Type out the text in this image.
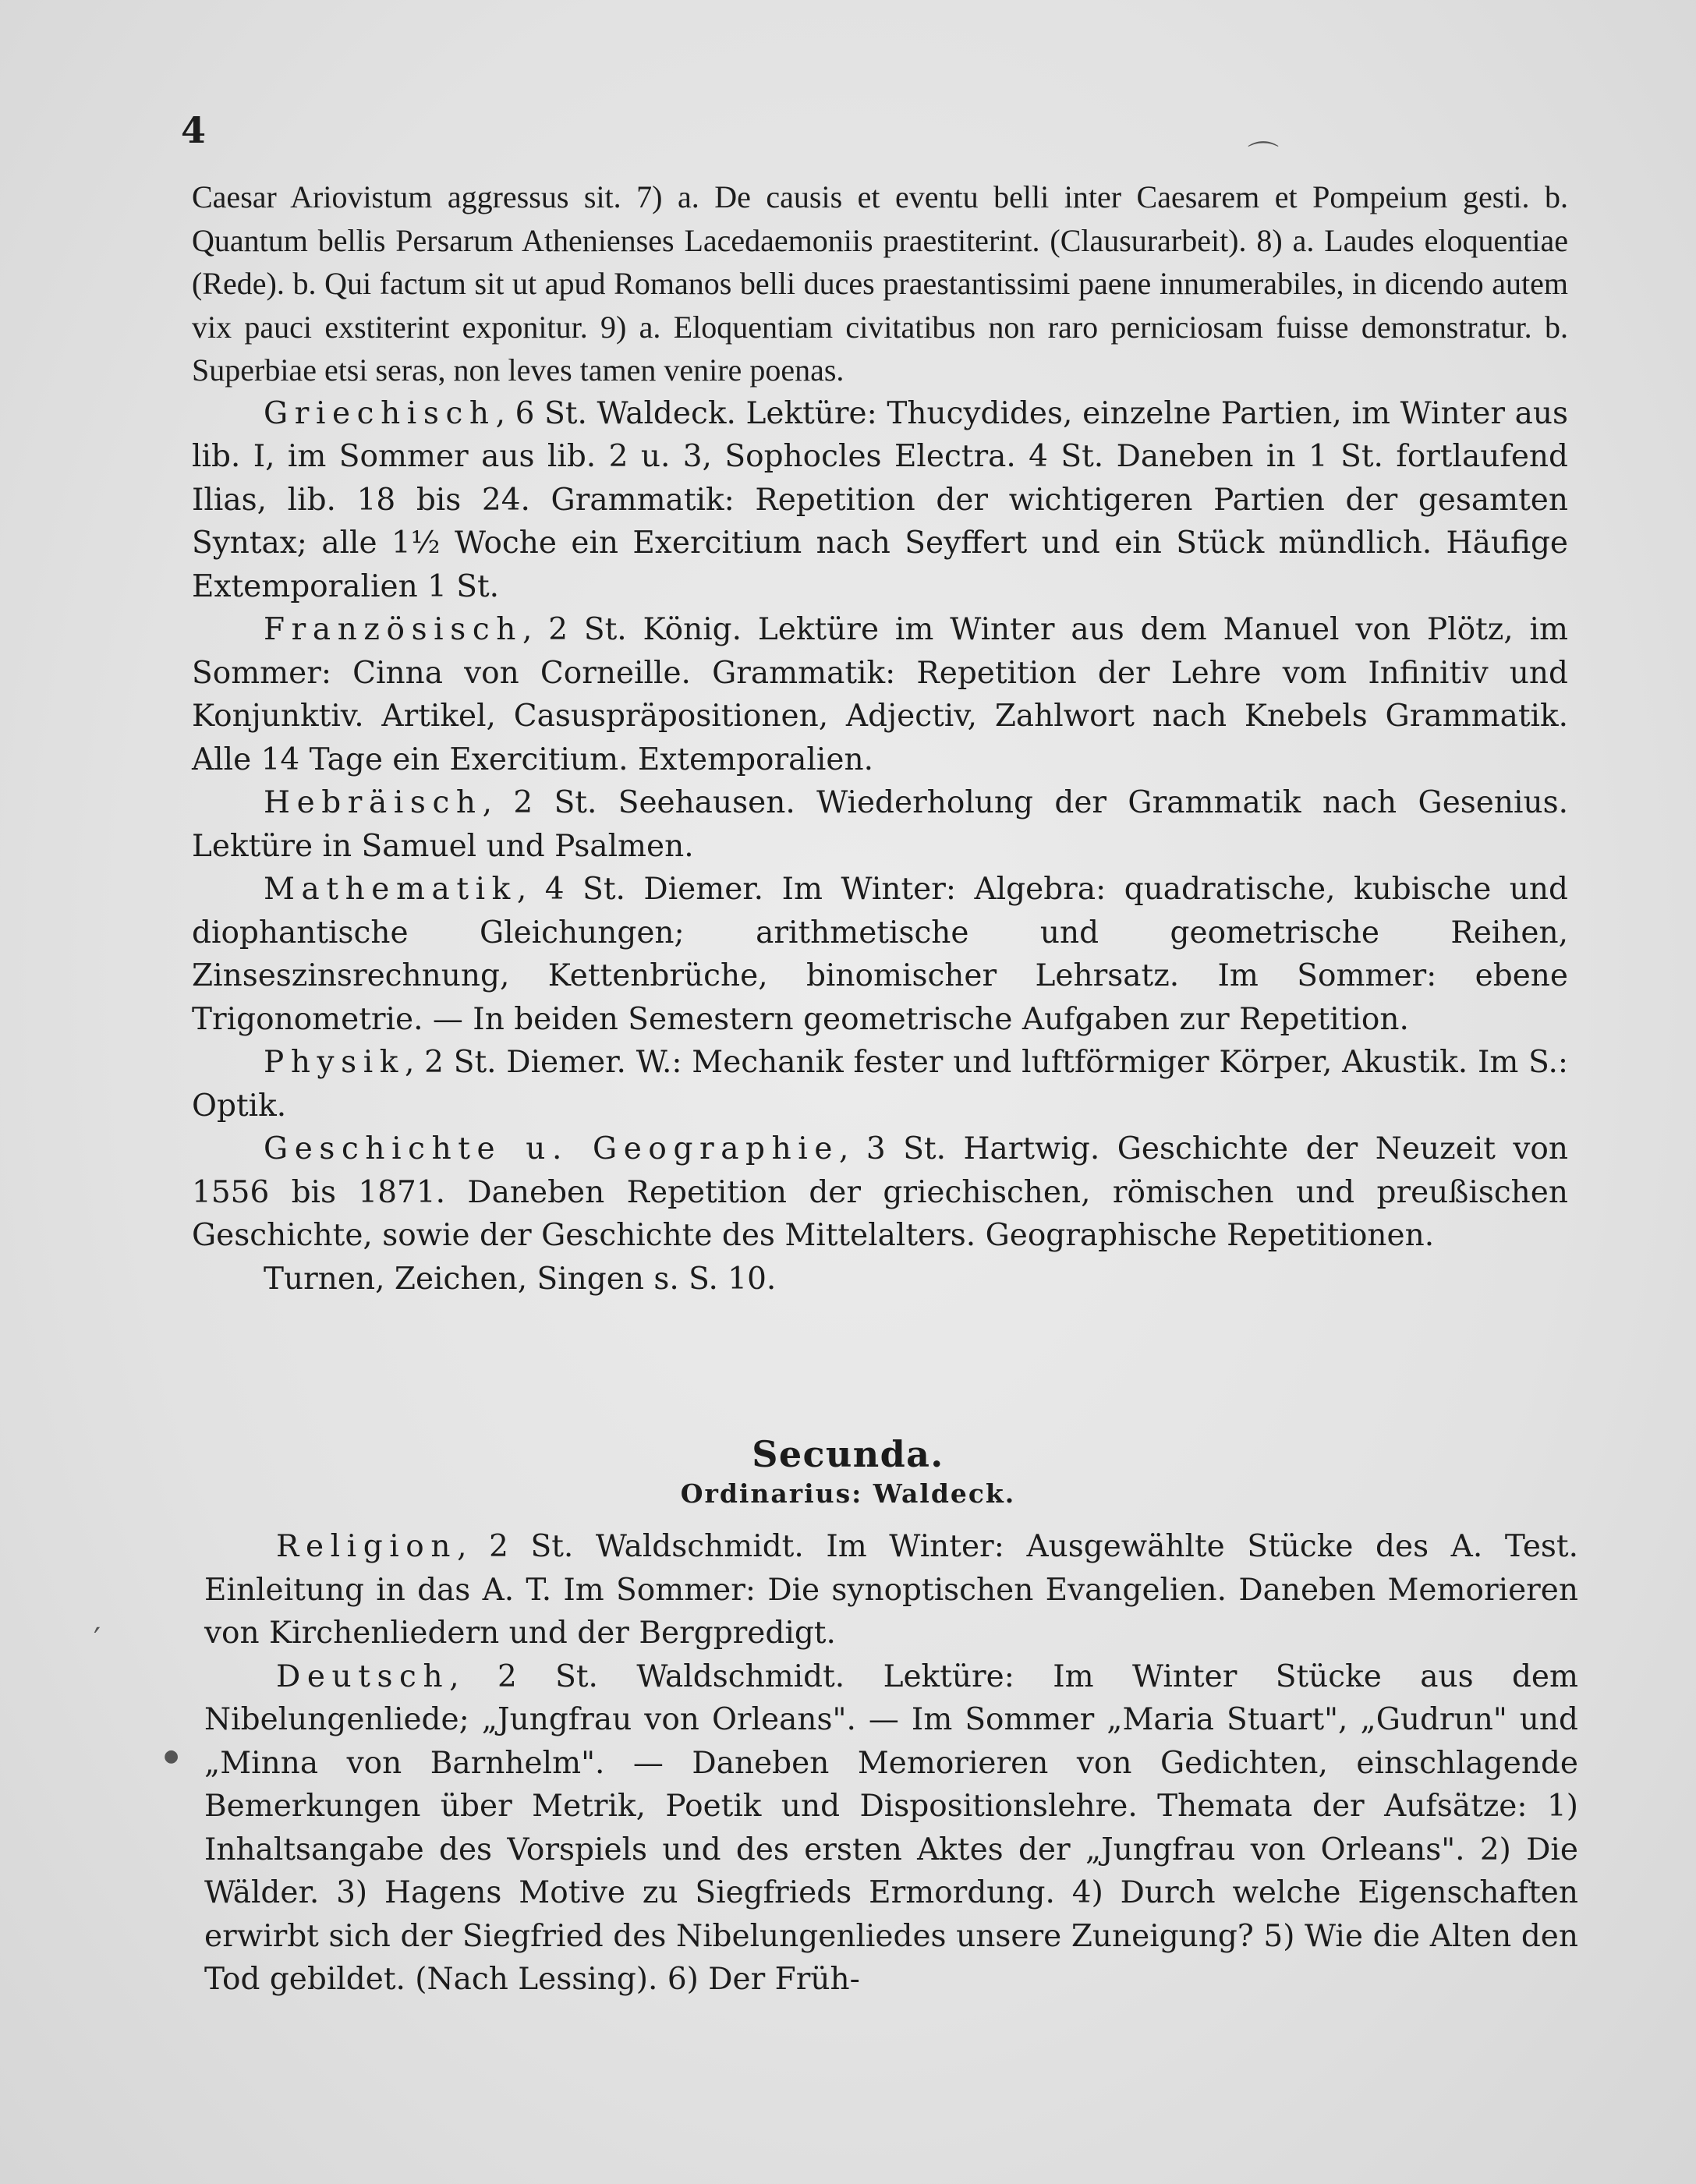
4

Caesar Ariovistum aggressus sit. 7) a. De causis et eventu belli inter Caesarem et Pompeium gesti. b. Quantum bellis Persarum Athenienses Lacedaemoniis praestiterint. (Clausurarbeit). 8) a. Laudes eloquentiae (Rede). b. Qui factum sit ut apud Romanos belli duces praestantissimi paene innumerabiles, in dicendo autem vix pauci exstiterint exponitur. 9) a. Eloquentiam civitatibus non raro perniciosam fuisse demonstratur. b. Superbiae etsi seras, non leves tamen venire poenas.

Griechisch, 6 St. Waldeck. Lektüre: Thucydides, einzelne Partien, im Winter aus lib. I, im Sommer aus lib. 2 u. 3, Sophocles Electra. 4 St. Daneben in 1 St. fortlaufend Ilias, lib. 18 bis 24. Grammatik: Repetition der wichtigeren Partien der gesamten Syntax; alle 1½ Woche ein Exercitium nach Seyffert und ein Stück mündlich. Häufige Extemporalien 1 St.

Französisch, 2 St. König. Lektüre im Winter aus dem Manuel von Plötz, im Sommer: Cinna von Corneille. Grammatik: Repetition der Lehre vom Infinitiv und Konjunktiv. Artikel, Casuspräpositionen, Adjectiv, Zahlwort nach Knebels Grammatik. Alle 14 Tage ein Exercitium. Extemporalien.

Hebräisch, 2 St. Seehausen. Wiederholung der Grammatik nach Gesenius. Lektüre in Samuel und Psalmen.

Mathematik, 4 St. Diemer. Im Winter: Algebra: quadratische, kubische und diophantische Gleichungen; arithmetische und geometrische Reihen, Zinseszinsrechnung, Kettenbrüche, binomischer Lehrsatz. Im Sommer: ebene Trigonometrie. — In beiden Semestern geometrische Aufgaben zur Repetition.

Physik, 2 St. Diemer. W.: Mechanik fester und luftförmiger Körper, Akustik. Im S.: Optik.

Geschichte u. Geographie, 3 St. Hartwig. Geschichte der Neuzeit von 1556 bis 1871. Daneben Repetition der griechischen, römischen und preußischen Geschichte, sowie der Geschichte des Mittelalters. Geographische Repetitionen.

Turnen, Zeichen, Singen s. S. 10.

Secunda.
Ordinarius: Waldeck.

Religion, 2 St. Waldschmidt. Im Winter: Ausgewählte Stücke des A. Test. Einleitung in das A. T. Im Sommer: Die synoptischen Evangelien. Daneben Memorieren von Kirchenliedern und der Bergpredigt.

Deutsch, 2 St. Waldschmidt. Lektüre: Im Winter Stücke aus dem Nibelungenliede; „Jungfrau von Orleans". — Im Sommer „Maria Stuart", „Gudrun" und „Minna von Barnhelm". — Daneben Memorieren von Gedichten, einschlagende Bemerkungen über Metrik, Poetik und Dispositionslehre. Themata der Aufsätze: 1) Inhaltsangabe des Vorspiels und des ersten Aktes der „Jungfrau von Orleans". 2) Die Wälder. 3) Hagens Motive zu Siegfrieds Ermordung. 4) Durch welche Eigenschaften erwirbt sich der Siegfried des Nibelungenliedes unsere Zuneigung? 5) Wie die Alten den Tod gebildet. (Nach Lessing). 6) Der Früh-

⌒
′
●
